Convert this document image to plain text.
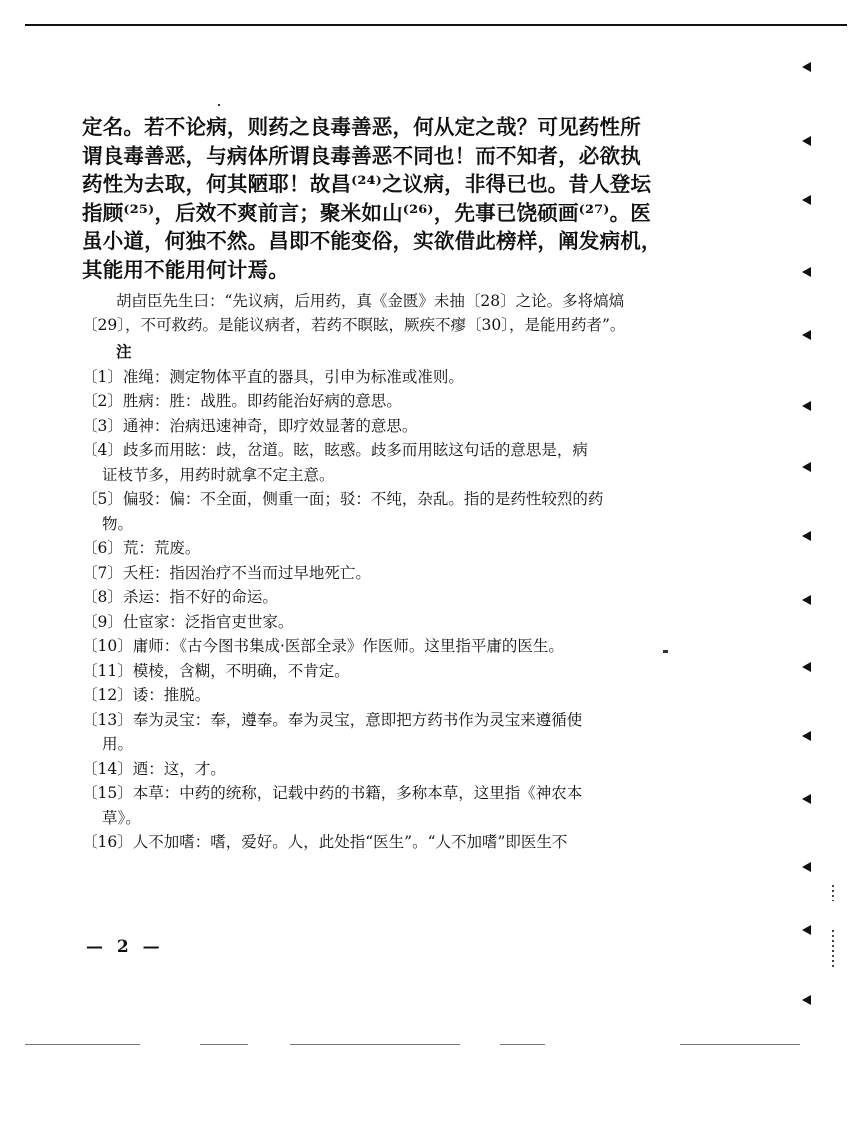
定名。若不论病，则药之良毒善恶，何从定之哉？可见药性所
谓良毒善恶，与病体所谓良毒善恶不同也！而不知者，必欲执
药性为去取，何其陋耶！故昌⁽²⁴⁾之议病，非得已也。昔人登坛
指顾⁽²⁵⁾，后效不爽前言；聚米如山⁽²⁶⁾，先事已饶硕画⁽²⁷⁾。医
虽小道，何独不然。昌即不能变俗，实欲借此榜样，阐发病机，
其能用不能用何计焉。
胡卣臣先生曰：“先议病，后用药，真《金匮》未抽〔28〕之论。多将熇熇
〔29〕，不可救药。是能议病者，若药不瞑眩，厥疾不瘳〔30〕，是能用药者”。
注
〔1〕准绳：测定物体平直的器具，引申为标准或准则。
〔2〕胜病：胜：战胜。即药能治好病的意思。
〔3〕通神：治病迅速神奇，即疗效显著的意思。
〔4〕歧多而用眩：歧，岔道。眩，眩惑。歧多而用眩这句话的意思是，病
证枝节多，用药时就拿不定主意。
〔5〕偏驳：偏：不全面，侧重一面；驳：不纯，杂乱。指的是药性较烈的药
物。
〔6〕荒：荒废。
〔7〕夭枉：指因治疗不当而过早地死亡。
〔8〕杀运：指不好的命运。
〔9〕仕宦家：泛指官吏世家。
〔10〕庸师：《古今图书集成·医部全录》作医师。这里指平庸的医生。
〔11〕模棱，含糊，不明确，不肯定。
〔12〕诿：推脱。
〔13〕奉为灵宝：奉，遵奉。奉为灵宝，意即把方药书作为灵宝来遵循使
用。
〔14〕迺：这，才。
〔15〕本草：中药的统称，记载中药的书籍，多称本草，这里指《神农本
草》。
〔16〕人不加嗜：嗜，爱好。人，此处指“医生”。“人不加嗜”即医生不
— 2 —
